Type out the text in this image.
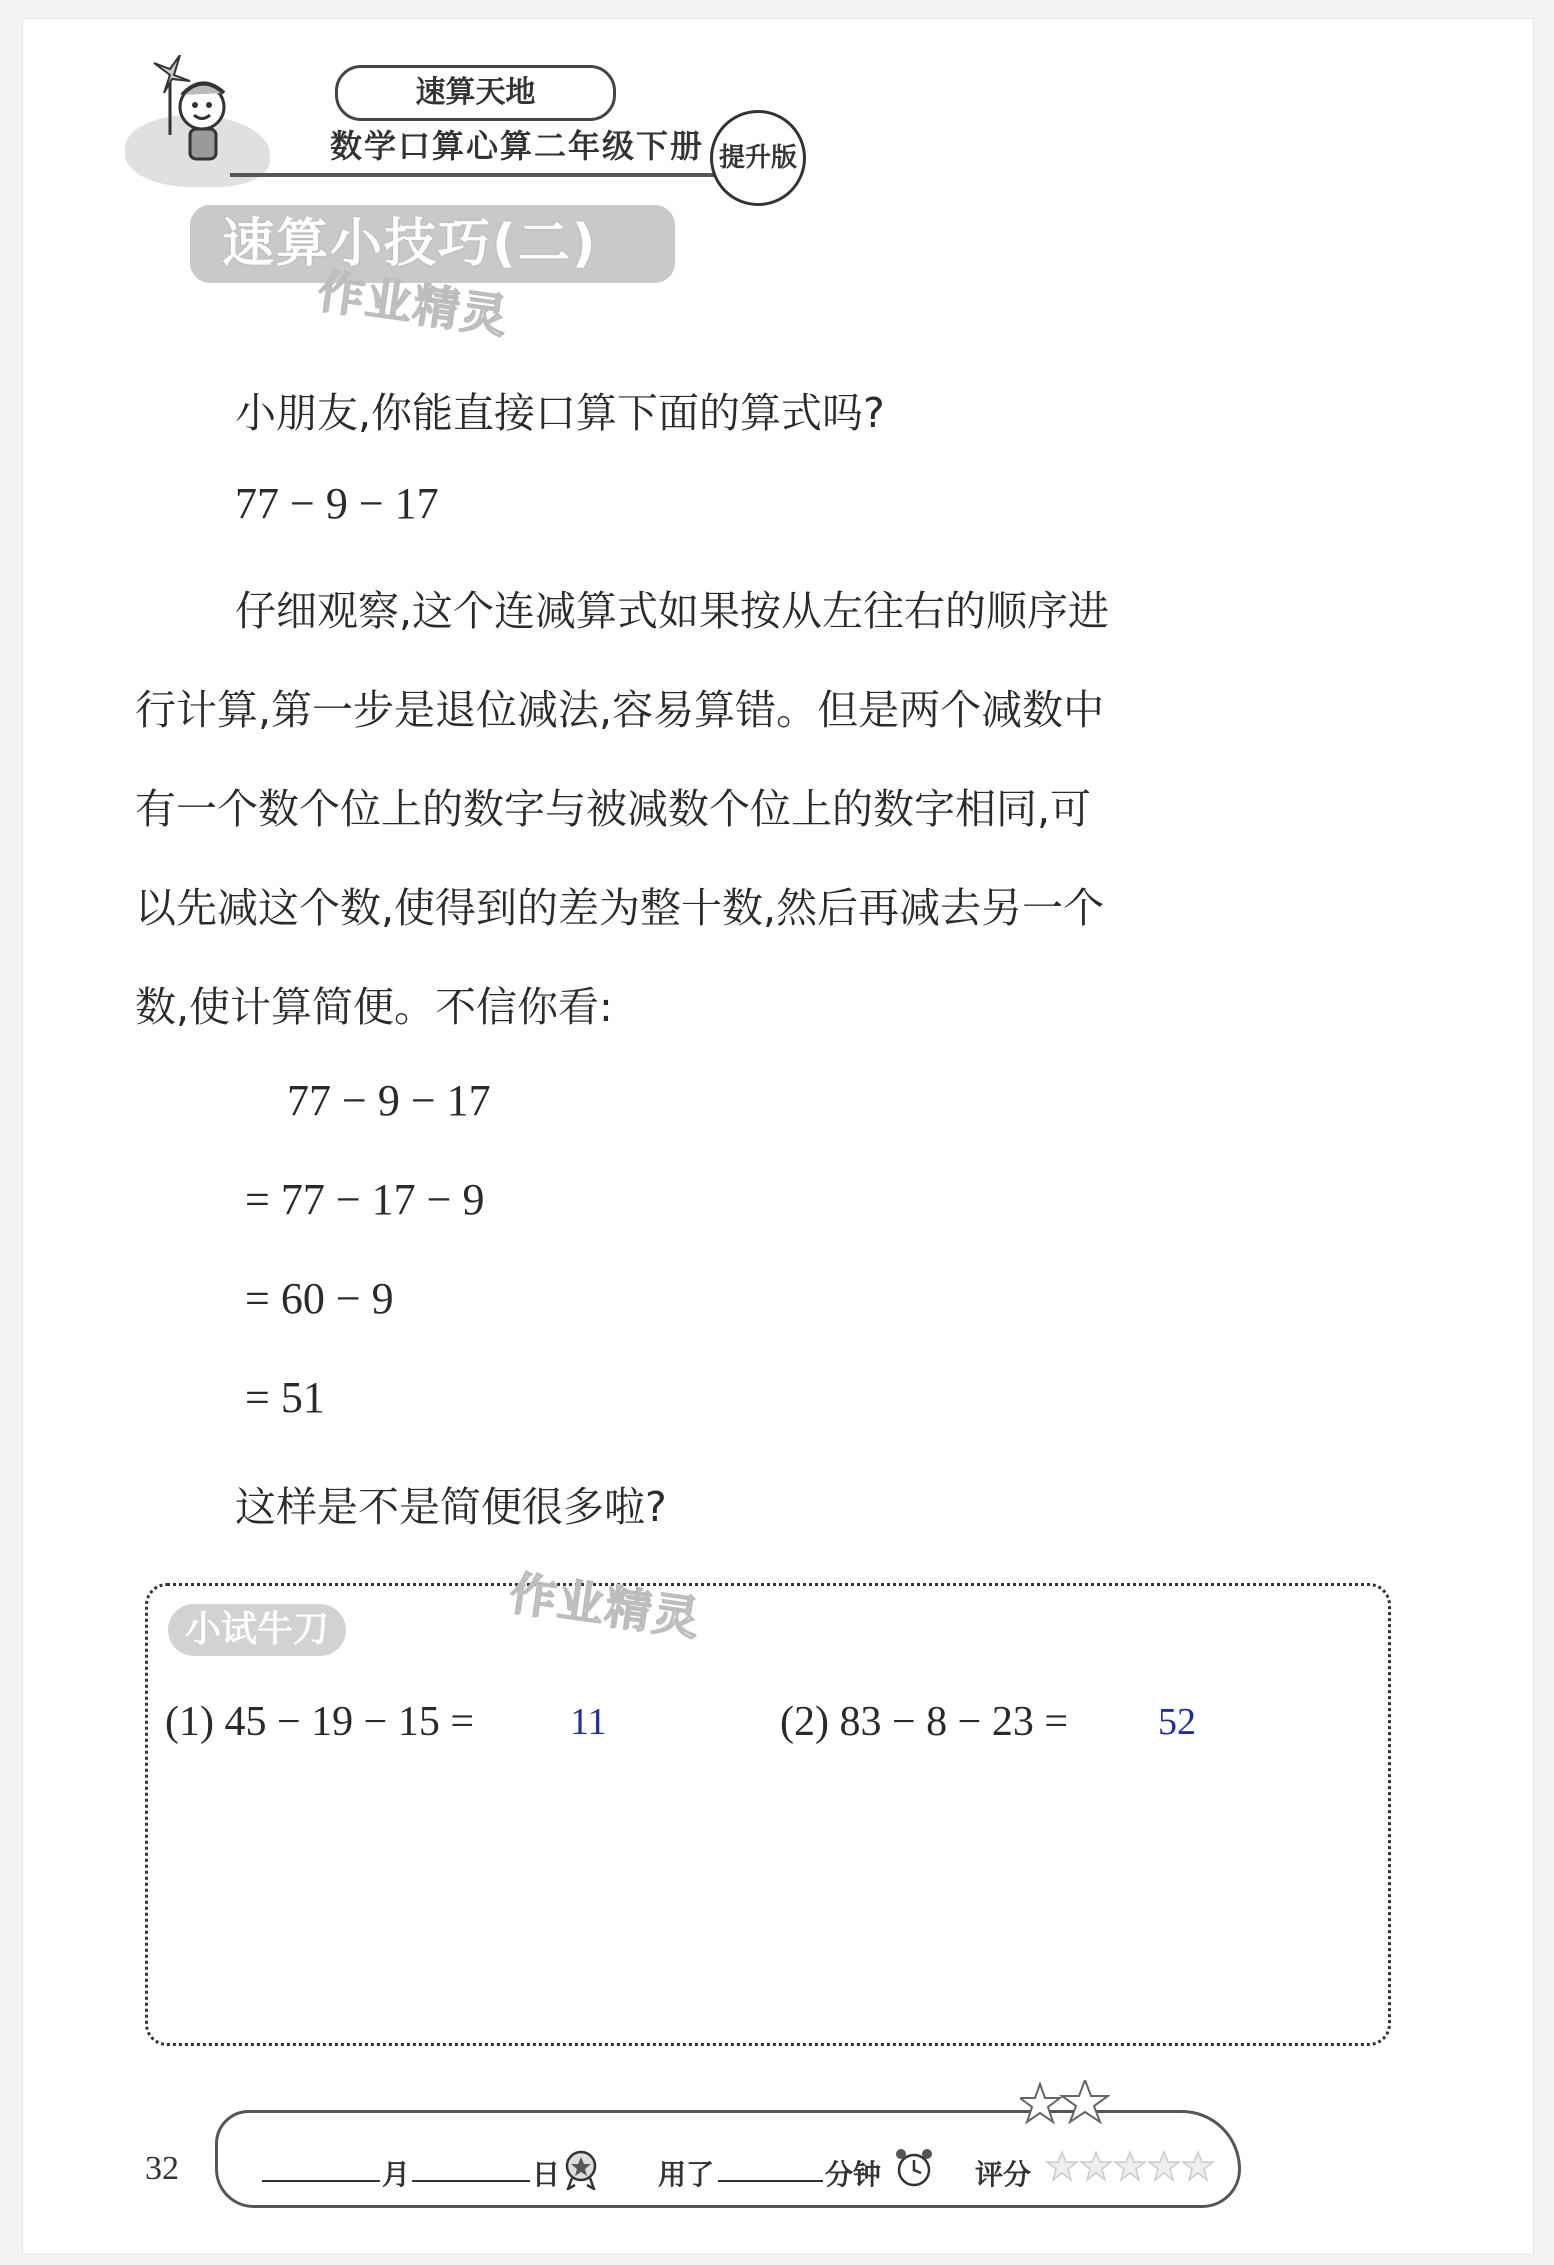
速算天地
数学口算心算二年级下册 提升版
速算小技巧(二)
作业精灵
小朋友,你能直接口算下面的算式吗?
77 − 9 − 17
仔细观察,这个连减算式如果按从左往右的顺序进
行计算,第一步是退位减法,容易算错。但是两个减数中
有一个数个位上的数字与被减数个位上的数字相同,可
以先减这个数,使得到的差为整十数,然后再减去另一个
数,使计算简便。不信你看:
77 − 9 − 17
= 77 − 17 − 9
= 60 − 9
= 51
这样是不是简便很多啦?
小试牛刀	作业精灵
(1) 45 − 19 − 15 =	11	(2) 83 − 8 − 23 = 52
32	月	日	用了	分钟	评分
